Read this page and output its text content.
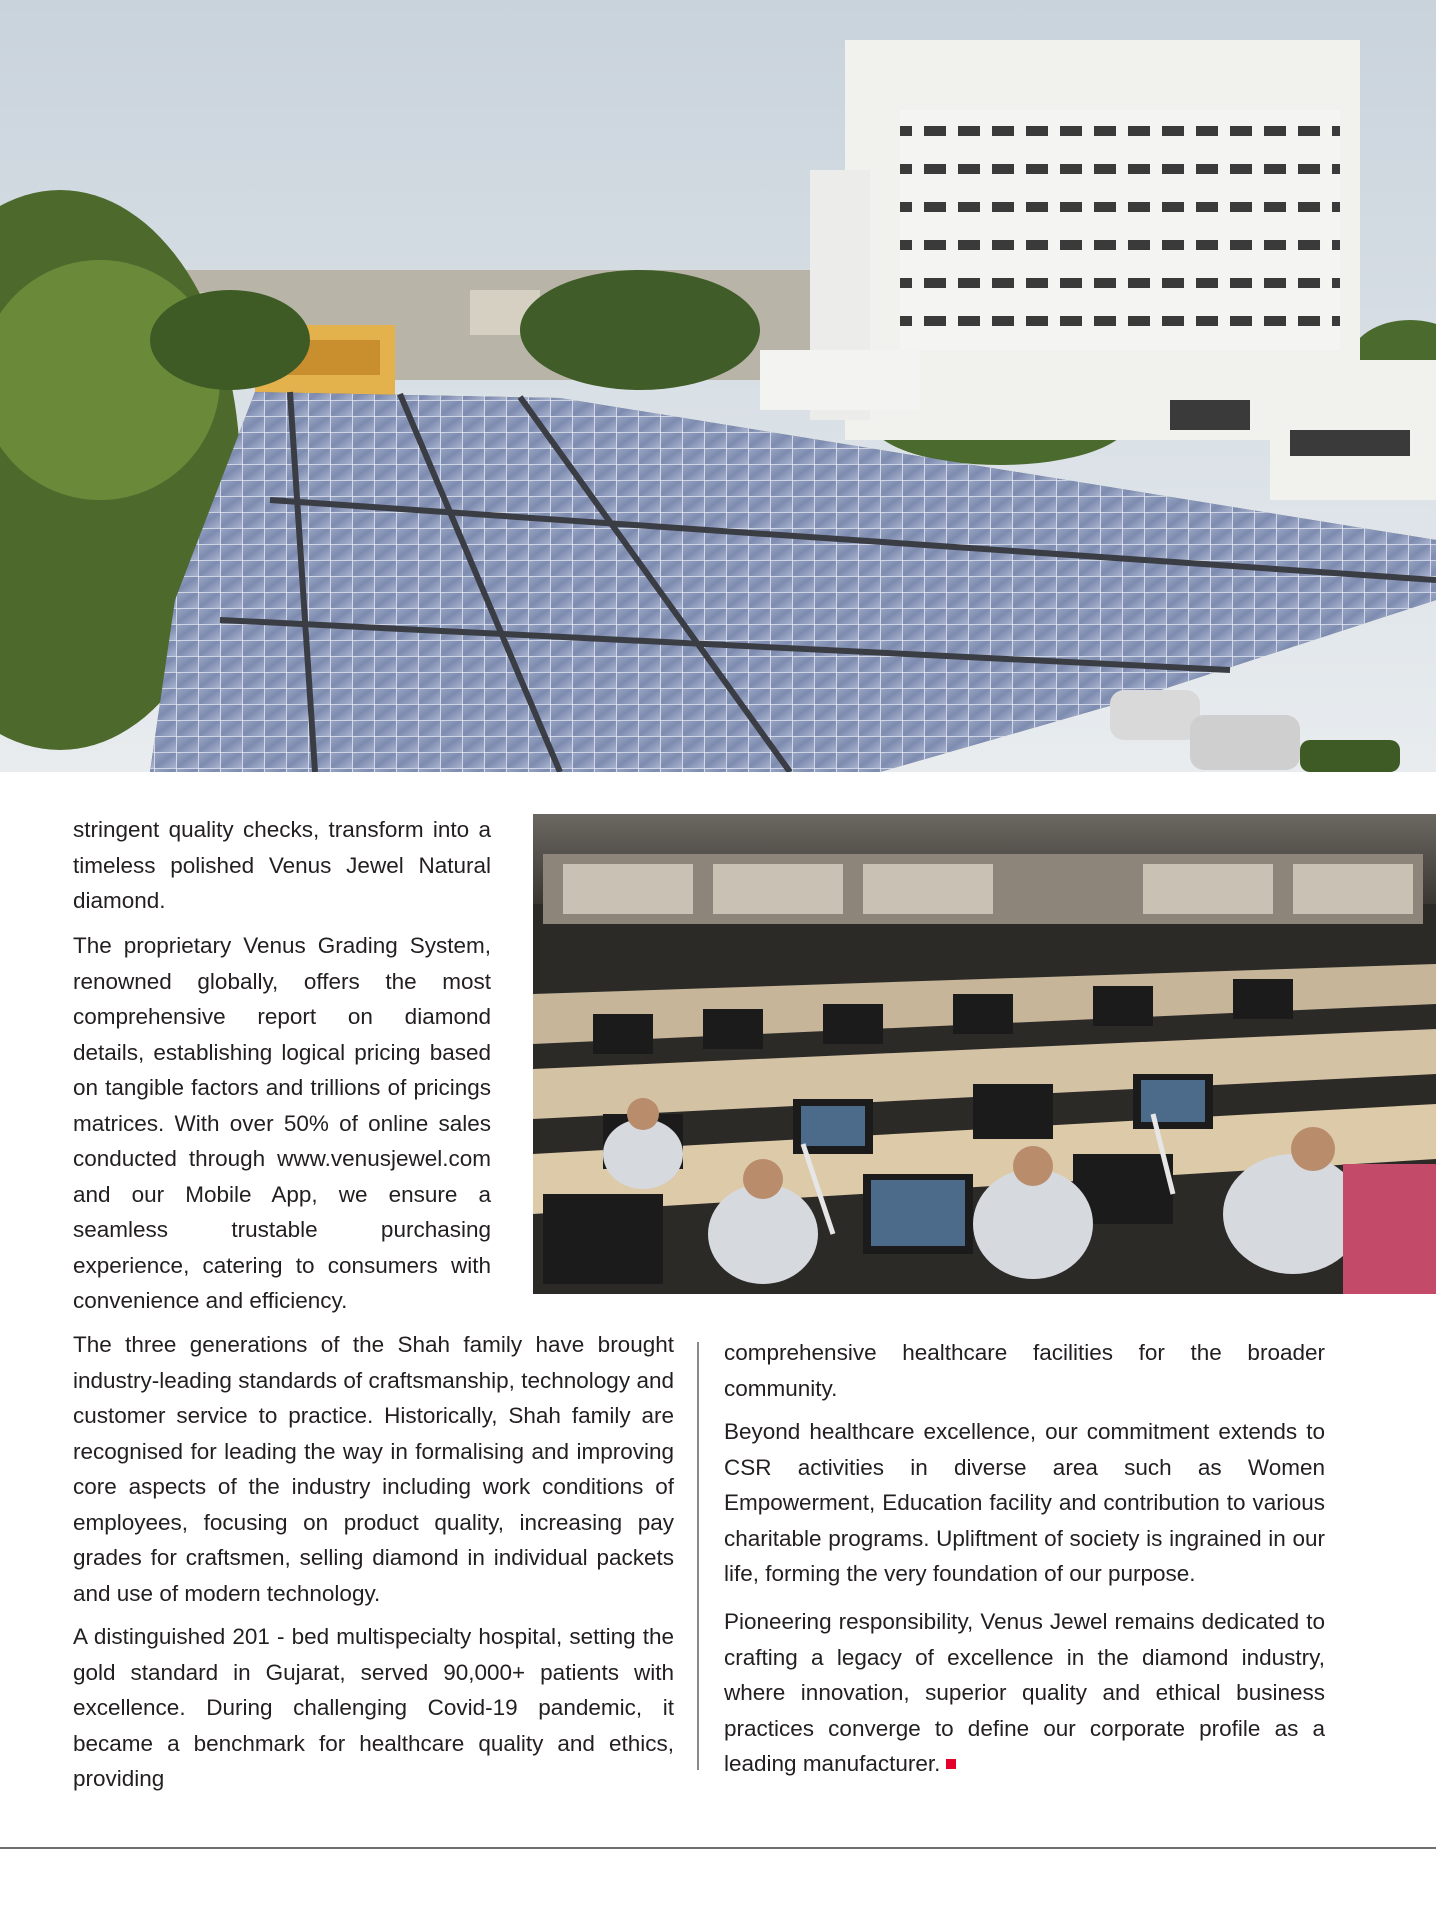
stringent quality checks, transform into a timeless polished Venus Jewel Natural diamond.

The proprietary Venus Grading System, renowned globally, offers the most comprehensive report on diamond details, establishing logical pricing based on tangible factors and trillions of pricings matrices. With over 50% of online sales conducted through www.venusjewel.com and our Mobile App, we ensure a seamless trustable purchasing experience, catering to consumers with convenience and efficiency.

The three generations of the Shah family have brought industry-leading standards of craftsmanship, technology and customer service to practice. Historically, Shah family are recognised for leading the way in formalising and improving core aspects of the industry including work conditions of employees, focusing on product quality, increasing pay grades for craftsmen, selling diamond in individual packets and use of modern technology.

A distinguished 201 - bed multispecialty hospital, setting the gold standard in Gujarat, served 90,000+ patients with excellence. During challenging Covid-19 pandemic, it became a benchmark for healthcare quality and ethics, providing

comprehensive healthcare facilities for the broader community.

Beyond healthcare excellence, our commitment extends to CSR activities in diverse area such as Women Empowerment, Education facility and contribution to various charitable programs. Upliftment of society is ingrained in our life, forming the very foundation of our purpose.

Pioneering responsibility, Venus Jewel remains dedicated to crafting a legacy of excellence in the diamond industry, where innovation, superior quality and ethical business practices converge to define our corporate profile as a leading manufacturer.
